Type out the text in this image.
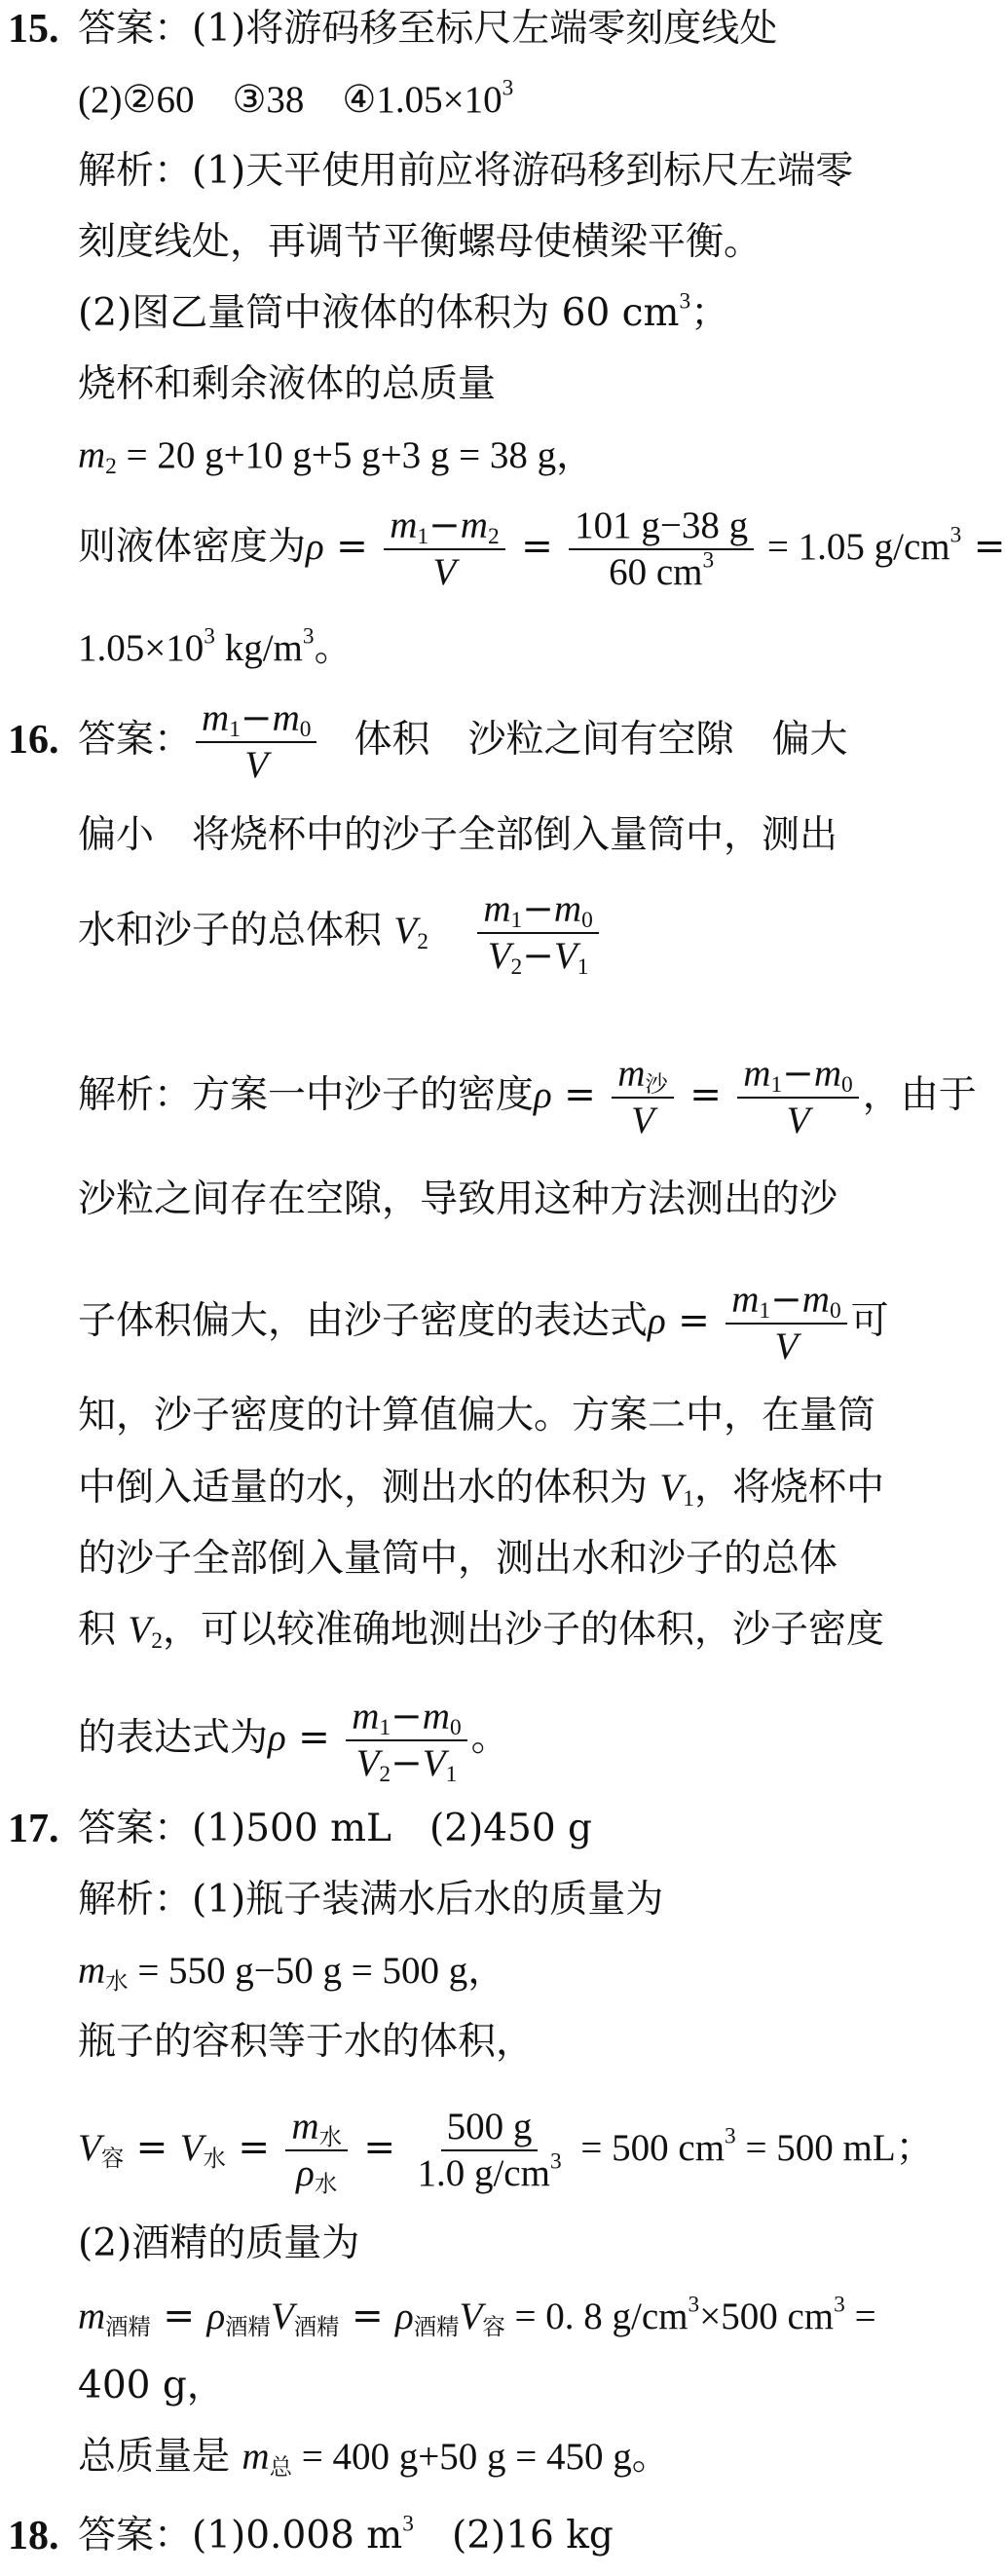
15. 答案：(1)将游码移至标尺左端零刻度线处
(2)②60　③38　$④1.05\times 10^3$
解析：(1)天平使用前应将游码移到标尺左端零
刻度线处，再调节平衡螺母使横梁平衡。
(2)图乙量筒中液体的体积为 60 $cm^3$；
烧杯和剩余液体的总质量
$m_2 = 20$ g+10 g+5 g+3 g = 38 g，
则液体密度为$\rho = \frac{m_1-m_2}{V} = \frac{101 g-38 g}{60 cm^3} = 1.05$ $g/cm^3$ =
$1.05\times 10^3$ $kg/m^3$。
16. 答案： $\frac{m_1-m_0}{V}$ 体积　沙粒之间有空隙　偏大
偏小　将烧杯中的沙子全部倒入量筒中，测出
水和沙子的总体积 $V_2 \frac{m_1-m_0}{V_2-V_1}$
解析：方案一中沙子的密度$\rho = \frac{m_沙}{V} = \frac{m_1-m_0}{V}$ ，由于
沙粒之间存在空隙，导致用这种方法测出的沙
子体积偏大，由沙子密度的表达式$\rho = \frac{m_1-m_0}{V}$ 可
知，沙子密度的计算值偏大。方案二中，在量筒
中倒入适量的水，测出水的体积为 $V_1$，将烧杯中
的沙子全部倒入量筒中，测出水和沙子的总体
积 $V_2$，可以较准确地测出沙子的体积，沙子密度
的表达式为$\rho = \frac{m_1-m_0}{V_2-V_1}$ 。
17. 答案：(1)500 mL　(2)450 g
解析：(1)瓶子装满水后水的质量为
$m_水 = 550$ g−50 g = 500 g，
瓶子的容积等于水的体积，
$V_容 = V_水 = \frac{m_水}{\rho_水} = \frac{500 g}{1.0 g/cm^3} = 500$ $cm^3 = 500$ mL；
(2)酒精的质量为
$m_{酒精} = \rho_{酒精}V_{酒精} = \rho_{酒精}V_容 = 0$. 8 $g/cm^3\times 500$ $cm^3$ =
400 g，
总质量是 $m_总 = 400$ g+50 g = 450 g。
18. 答案：(1)0.008 $m^3$　(2)16 kg
